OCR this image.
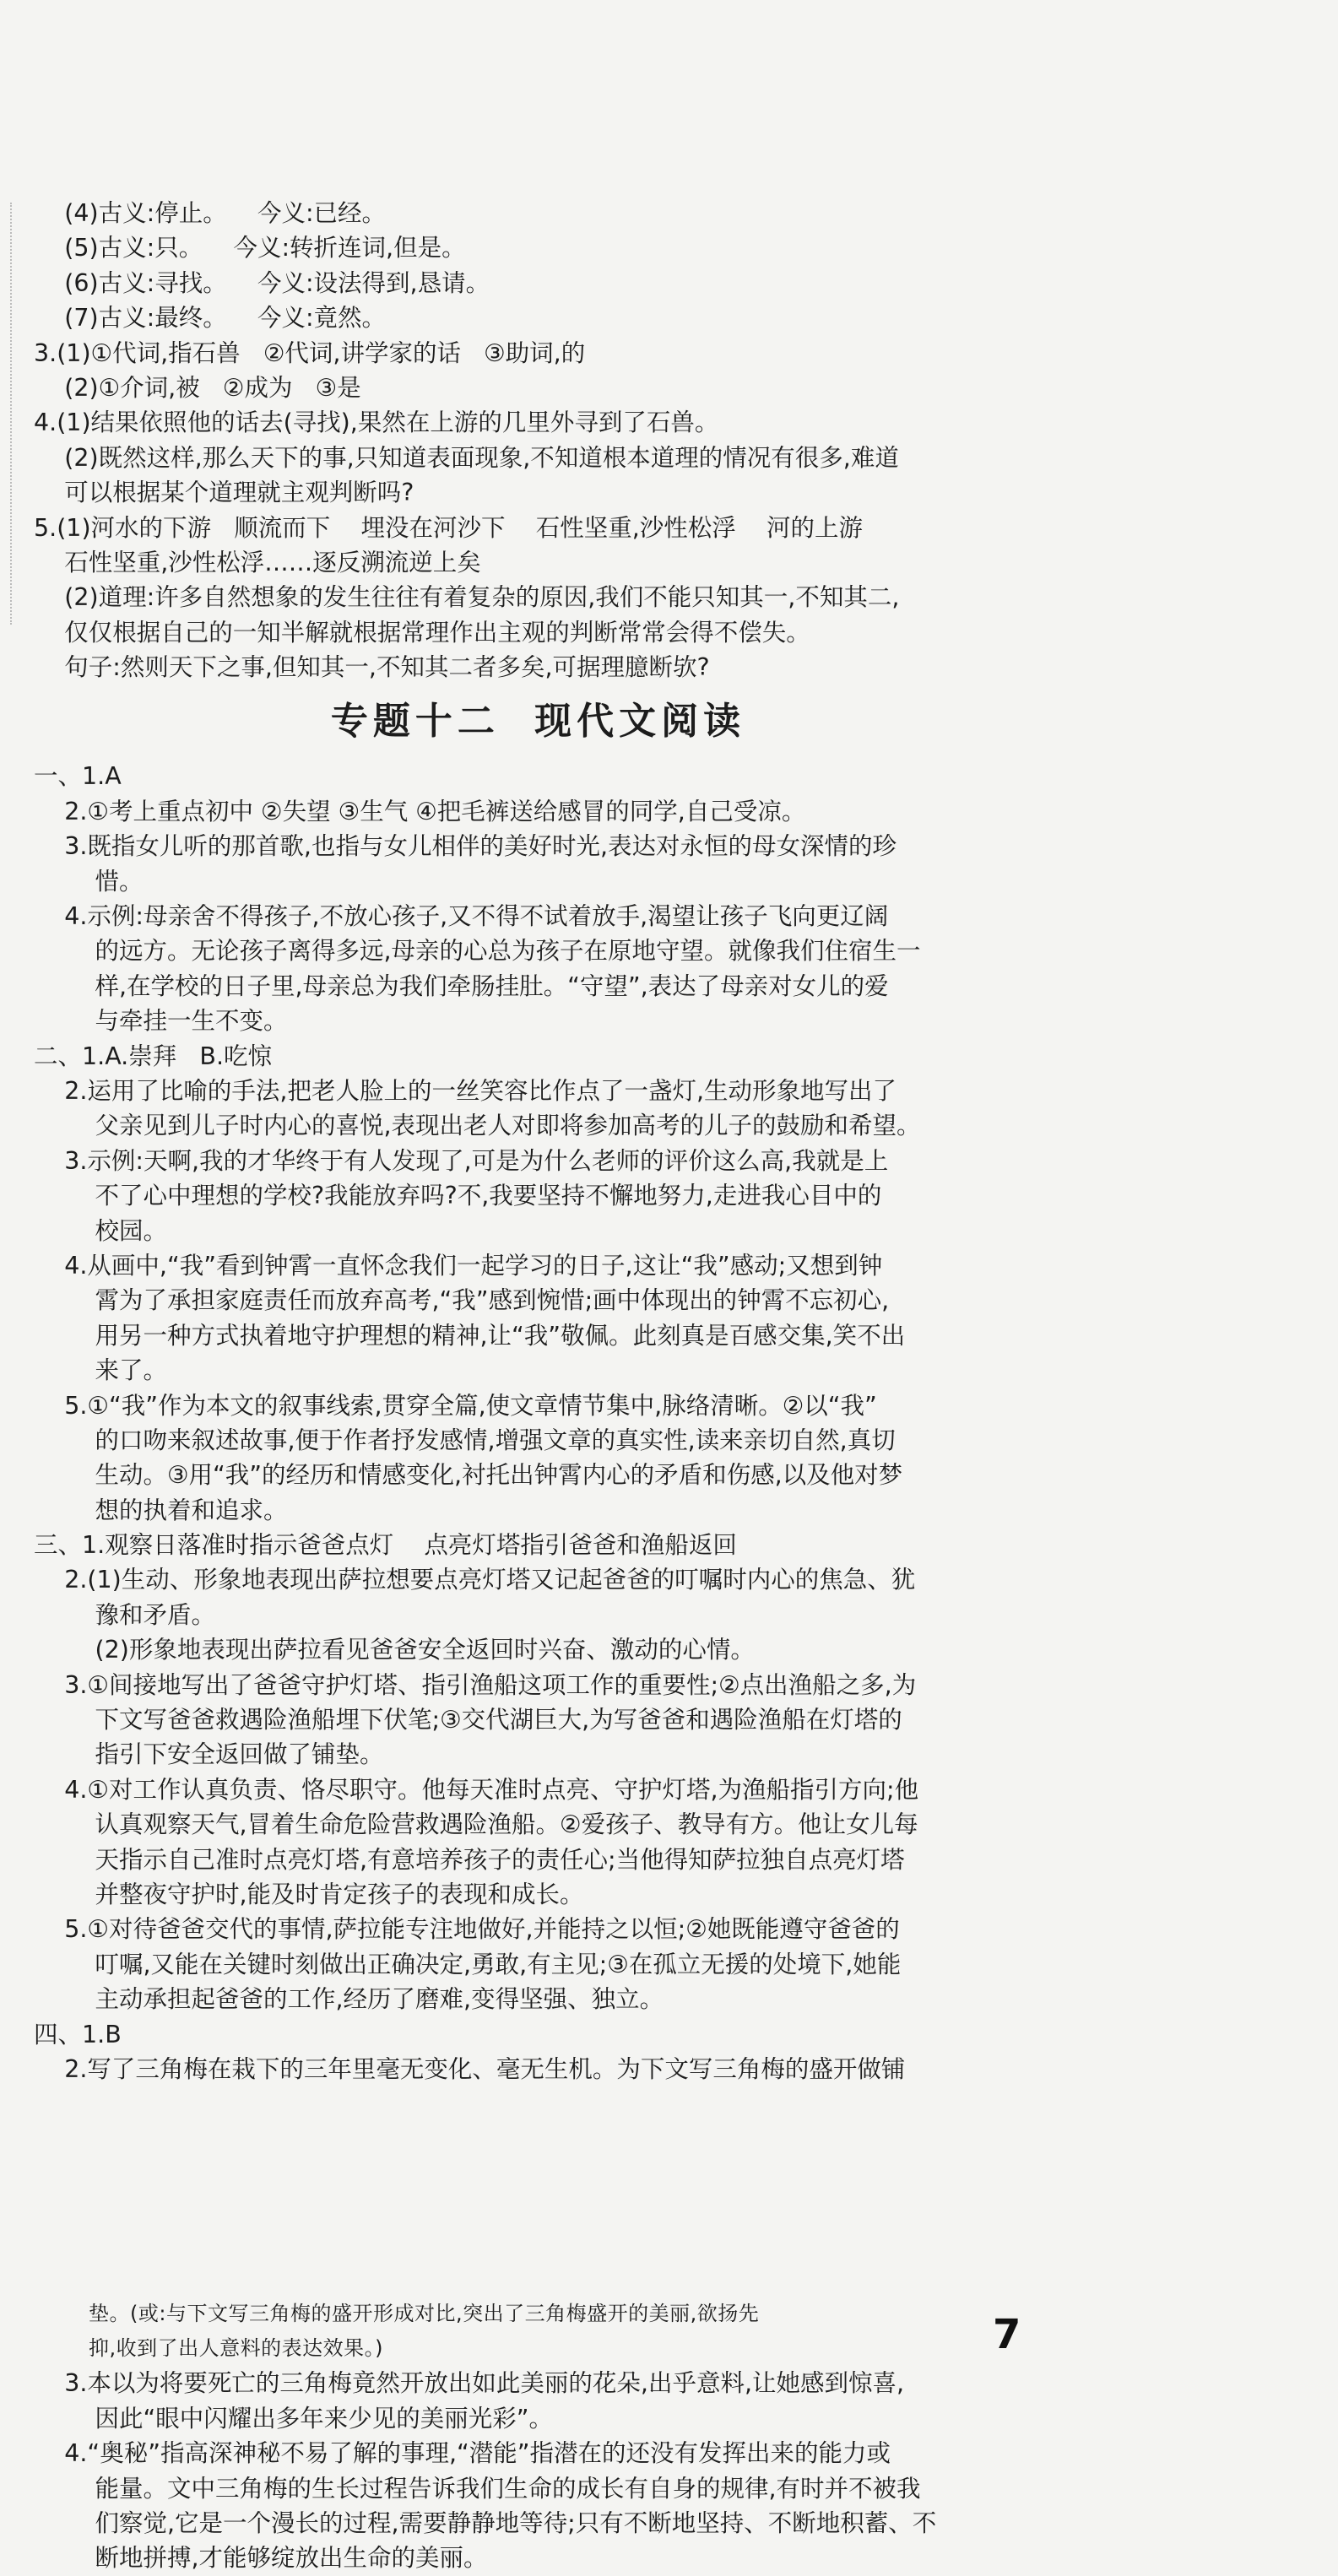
(4)古义:停止。    今义:已经。
(5)古义:只。    今义:转折连词,但是。
(6)古义:寻找。    今义:设法得到,恳请。
(7)古义:最终。    今义:竟然。
3.(1)①代词,指石兽   ②代词,讲学家的话   ③助词,的
(2)①介词,被   ②成为   ③是
4.(1)结果依照他的话去(寻找),果然在上游的几里外寻到了石兽。
(2)既然这样,那么天下的事,只知道表面现象,不知道根本道理的情况有很多,难道
可以根据某个道理就主观判断吗?
5.(1)河水的下游   顺流而下    埋没在河沙下    石性坚重,沙性松浮    河的上游
石性坚重,沙性松浮……逐反溯流逆上矣
(2)道理:许多自然想象的发生往往有着复杂的原因,我们不能只知其一,不知其二,
仅仅根据自己的一知半解就根据常理作出主观的判断常常会得不偿失。
句子:然则天下之事,但知其一,不知其二者多矣,可据理臆断欤?
专题十二 现代文阅读
一、1.A
2.①考上重点初中 ②失望 ③生气 ④把毛裤送给感冒的同学,自己受凉。
3.既指女儿听的那首歌,也指与女儿相伴的美好时光,表达对永恒的母女深情的珍
惜。
4.示例:母亲舍不得孩子,不放心孩子,又不得不试着放手,渴望让孩子飞向更辽阔
的远方。无论孩子离得多远,母亲的心总为孩子在原地守望。就像我们住宿生一
样,在学校的日子里,母亲总为我们牵肠挂肚。“守望”,表达了母亲对女儿的爱
与牵挂一生不变。
二、1.A.崇拜   B.吃惊
2.运用了比喻的手法,把老人脸上的一丝笑容比作点了一盏灯,生动形象地写出了
父亲见到儿子时内心的喜悦,表现出老人对即将参加高考的儿子的鼓励和希望。
3.示例:天啊,我的才华终于有人发现了,可是为什么老师的评价这么高,我就是上
不了心中理想的学校?我能放弃吗?不,我要坚持不懈地努力,走进我心目中的
校园。
4.从画中,“我”看到钟霄一直怀念我们一起学习的日子,这让“我”感动;又想到钟
霄为了承担家庭责任而放弃高考,“我”感到惋惜;画中体现出的钟霄不忘初心,
用另一种方式执着地守护理想的精神,让“我”敬佩。此刻真是百感交集,笑不出
来了。
5.①“我”作为本文的叙事线索,贯穿全篇,使文章情节集中,脉络清晰。②以“我”
的口吻来叙述故事,便于作者抒发感情,增强文章的真实性,读来亲切自然,真切
生动。③用“我”的经历和情感变化,衬托出钟霄内心的矛盾和伤感,以及他对梦
想的执着和追求。
三、1.观察日落准时指示爸爸点灯    点亮灯塔指引爸爸和渔船返回
2.(1)生动、形象地表现出萨拉想要点亮灯塔又记起爸爸的叮嘱时内心的焦急、犹
豫和矛盾。
(2)形象地表现出萨拉看见爸爸安全返回时兴奋、激动的心情。
3.①间接地写出了爸爸守护灯塔、指引渔船这项工作的重要性;②点出渔船之多,为
下文写爸爸救遇险渔船埋下伏笔;③交代湖巨大,为写爸爸和遇险渔船在灯塔的
指引下安全返回做了铺垫。
4.①对工作认真负责、恪尽职守。他每天准时点亮、守护灯塔,为渔船指引方向;他
认真观察天气,冒着生命危险营救遇险渔船。②爱孩子、教导有方。他让女儿每
天指示自己准时点亮灯塔,有意培养孩子的责任心;当他得知萨拉独自点亮灯塔
并整夜守护时,能及时肯定孩子的表现和成长。
5.①对待爸爸交代的事情,萨拉能专注地做好,并能持之以恒;②她既能遵守爸爸的
叮嘱,又能在关键时刻做出正确决定,勇敢,有主见;③在孤立无援的处境下,她能
主动承担起爸爸的工作,经历了磨难,变得坚强、独立。
四、1.B
2.写了三角梅在栽下的三年里毫无变化、毫无生机。为下文写三角梅的盛开做铺
垫。(或:与下文写三角梅的盛开形成对比,突出了三角梅盛开的美丽,欲扬先
抑,收到了出人意料的表达效果。)
3.本以为将要死亡的三角梅竟然开放出如此美丽的花朵,出乎意料,让她感到惊喜,
因此“眼中闪耀出多年来少见的美丽光彩”。
4.“奥秘”指高深神秘不易了解的事理,“潜能”指潜在的还没有发挥出来的能力或
能量。文中三角梅的生长过程告诉我们生命的成长有自身的规律,有时并不被我
们察觉,它是一个漫长的过程,需要静静地等待;只有不断地坚持、不断地积蓄、不
断地拼搏,才能够绽放出生命的美丽。
7
